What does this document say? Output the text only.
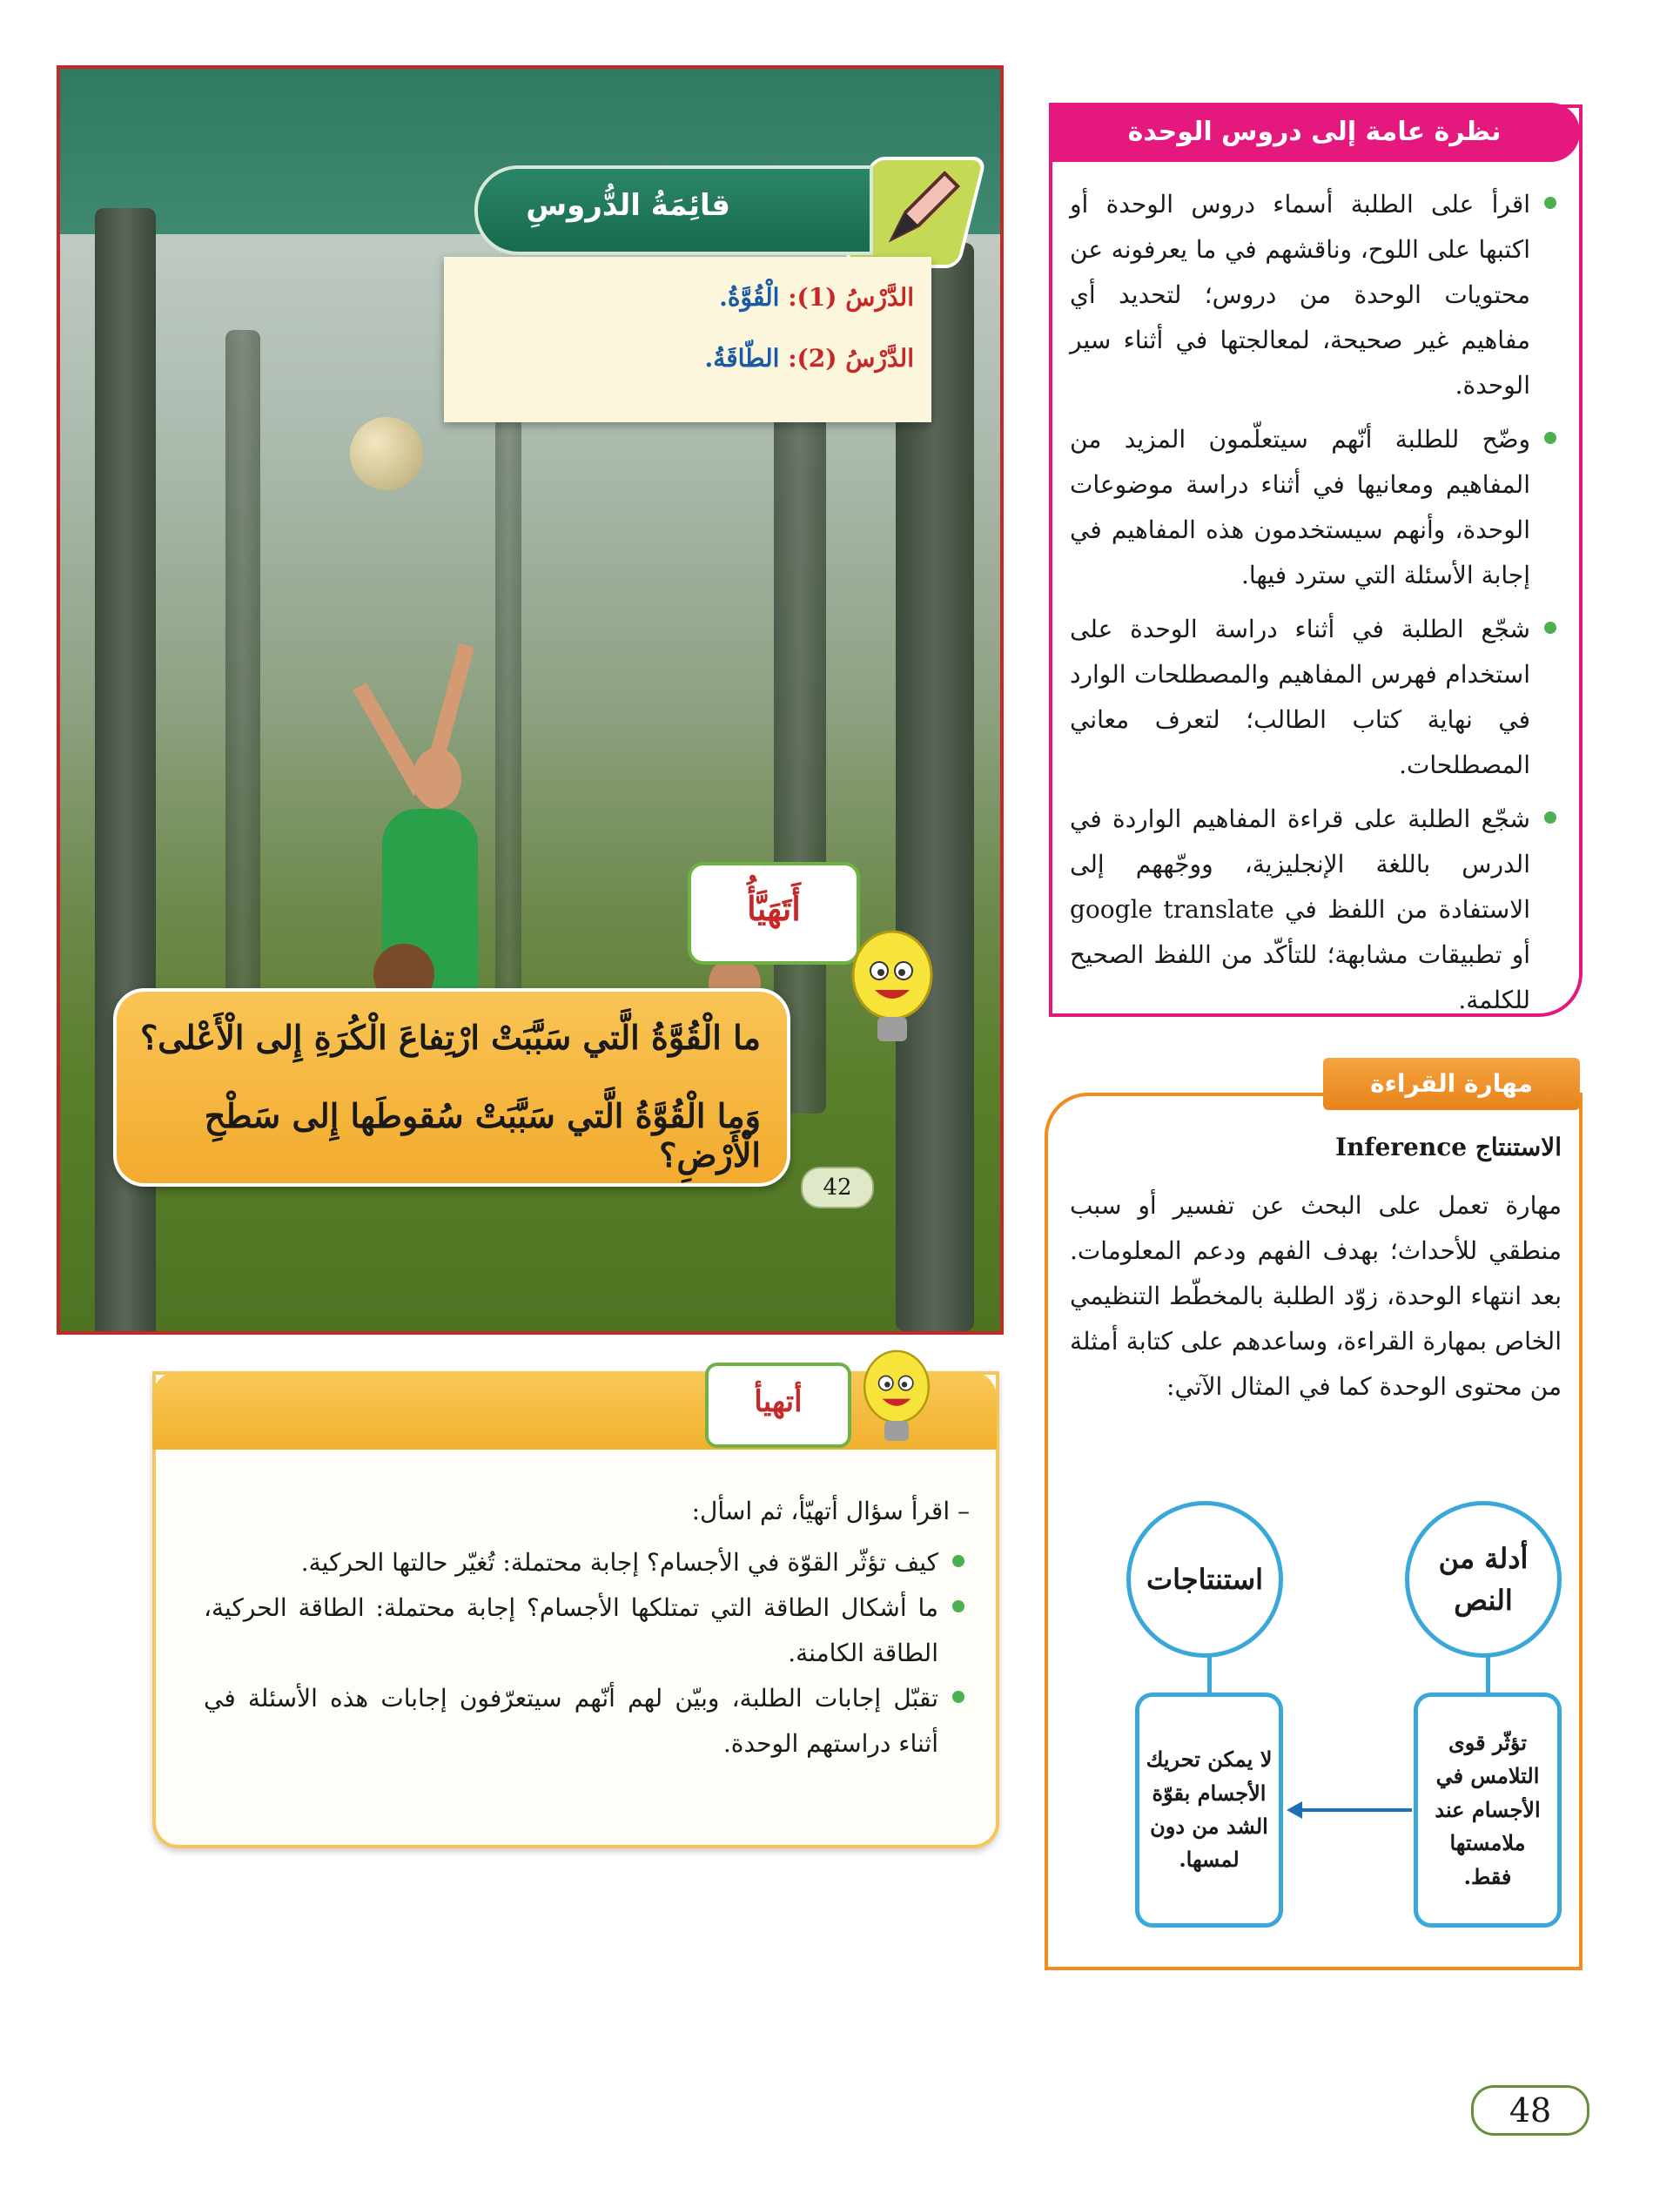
قائِمَةُ الدُّروسِ
الدَّرْسُ (1): الْقُوَّةُ.
الدَّرْسُ (2): الطّاقَةُ.
أَتَهَيَّأُ
ما الْقُوَّةُ الَّتي سَبَّبَتْ ارْتِفاعَ الْكُرَةِ إِلى الْأَعْلى؟
وَما الْقُوَّةُ الَّتي سَبَّبَتْ سُقوطَها إِلى سَطْحِ الْأَرْضِ؟
42
اقرأ على الطلبة أسماء دروس الوحدة أو اكتبها على اللوح، وناقشهم في ما يعرفونه عن محتويات الوحدة من دروس؛ لتحديد أي مفاهيم غير صحيحة، لمعالجتها في أثناء سير الوحدة.
وضّح للطلبة أنّهم سيتعلّمون المزيد من المفاهيم ومعانيها في أثناء دراسة موضوعات الوحدة، وأنهم سيستخدمون هذه المفاهيم في إجابة الأسئلة التي سترد فيها.
شجّع الطلبة في أثناء دراسة الوحدة على استخدام فهرس المفاهيم والمصطلحات الوارد في نهاية كتاب الطالب؛ لتعرف معاني المصطلحات.
شجّع الطلبة على قراءة المفاهيم الواردة في الدرس باللغة الإنجليزية، ووجّههم إلى الاستفادة من اللفظ في google translate أو تطبيقات مشابهة؛ للتأكّد من اللفظ الصحيح للكلمة.
نظرة عامة إلى دروس الوحدة
الاستنتاج Inference
مهارة تعمل على البحث عن تفسير أو سبب منطقي للأحداث؛ بهدف الفهم ودعم المعلومات. بعد انتهاء الوحدة، زوّد الطلبة بالمخطّط التنظيمي الخاص بمهارة القراءة، وساعدهم على كتابة أمثلة من محتوى الوحدة كما في المثال الآتي:
أدلة من النص
استنتاجات
تؤثّر قوى التلامس في الأجسام عند ملامستها فقط.
لا يمكن تحريك الأجسام بقوّة الشد من دون لمسها.
مهارة القراءة
– اقرأ سؤال أتهيّأ، ثم اسأل:
كيف تؤثّر القوّة في الأجسام؟ إجابة محتملة: تُغيّر حالتها الحركية.
ما أشكال الطاقة التي تمتلكها الأجسام؟ إجابة محتملة: الطاقة الحركية، الطاقة الكامنة.
تقبّل إجابات الطلبة، وبيّن لهم أنّهم سيتعرّفون إجابات هذه الأسئلة في أثناء دراستهم الوحدة.
أتهيأ
48
